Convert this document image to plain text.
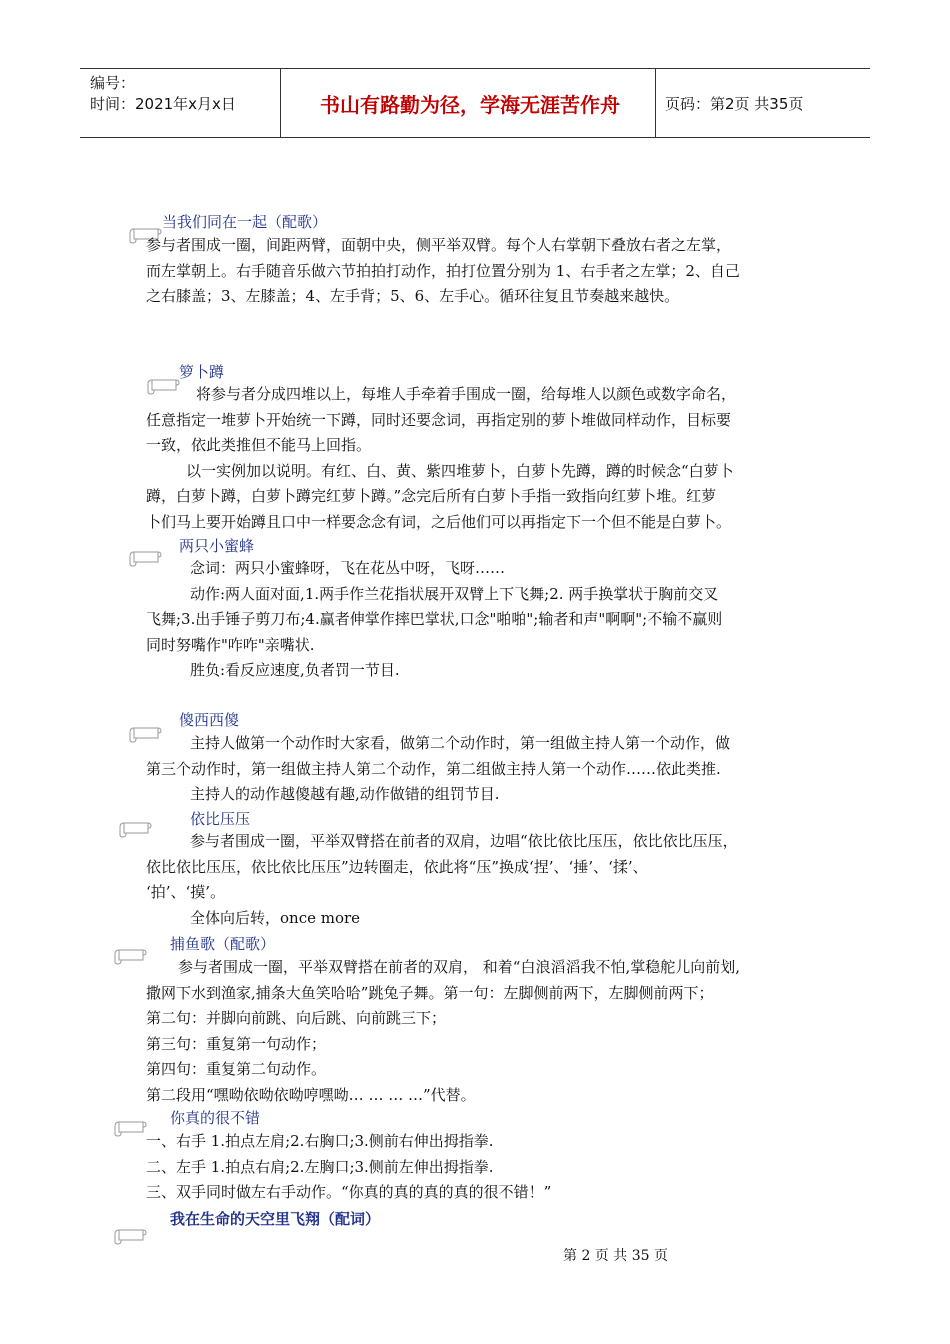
编号：
时间：2021年x月x日	书山有路勤为径，学海无涯苦作舟	页码：第2页 共35页
当我们同在一起（配歌）
参与者围成一圈，间距两臂，面朝中央，侧平举双臂。每个人右掌朝下叠放右者之左掌，
而左掌朝上。右手随音乐做六节拍拍打动作，拍打位置分别为 1、右手者之左掌；2、自己
之右膝盖；3、左膝盖；4、左手背；5、6、左手心。循环往复且节奏越来越快。
箩卜蹲
将参与者分成四堆以上，每堆人手牵着手围成一圈，给每堆人以颜色或数字命名，
任意指定一堆萝卜开始统一下蹲，同时还要念词，再指定别的萝卜堆做同样动作，目标要
一致，依此类推但不能马上回指。
以一实例加以说明。有红、白、黄、紫四堆萝卜，白萝卜先蹲，蹲的时候念“白萝卜
蹲，白萝卜蹲，白萝卜蹲完红萝卜蹲。”念完后所有白萝卜手指一致指向红萝卜堆。红萝
卜们马上要开始蹲且口中一样要念念有词，之后他们可以再指定下一个但不能是白萝卜。
两只小蜜蜂
念词：两只小蜜蜂呀，飞在花丛中呀，飞呀……
动作:两人面对面,1.两手作兰花指状展开双臂上下飞舞;2. 两手换掌状于胸前交叉
飞舞;3.出手锤子剪刀布;4.赢者伸掌作摔巴掌状,口念"啪啪";输者和声"啊啊";不输不赢则
同时努嘴作"咋咋"亲嘴状.
胜负:看反应速度,负者罚一节目.
傻西西傻
主持人做第一个动作时大家看，做第二个动作时，第一组做主持人第一个动作，做
第三个动作时，第一组做主持人第二个动作，第二组做主持人第一个动作……依此类推.
主持人的动作越傻越有趣,动作做错的组罚节目.
依比压压
参与者围成一圈，平举双臂搭在前者的双肩，边唱“依比依比压压，依比依比压压，
依比依比压压，依比依比压压”边转圈走，依此将“压”换成‘捏’、‘捶’、‘揉’、
‘拍’、‘摸’。
全体向后转，once more
捕鱼歌（配歌）
参与者围成一圈，平举双臂搭在前者的双肩， 和着“白浪滔滔我不怕,掌稳舵儿向前划,
撒网下水到渔家,捕条大鱼笑哈哈”跳兔子舞。第一句：左脚侧前两下，左脚侧前两下；
第二句：并脚向前跳、向后跳、向前跳三下；
第三句：重复第一句动作；
第四句：重复第二句动作。
第二段用“嘿呦依呦依呦哼嘿呦… … … …”代替。
你真的很不错
一、右手 1.拍点左肩;2.右胸口;3.侧前右伸出拇指拳.
二、左手 1.拍点右肩;2.左胸口;3.侧前左伸出拇指拳.
三、双手同时做左右手动作。“你真的真的真的真的很不错！”
我在生命的天空里飞翔（配词）
第 2 页 共 35 页
